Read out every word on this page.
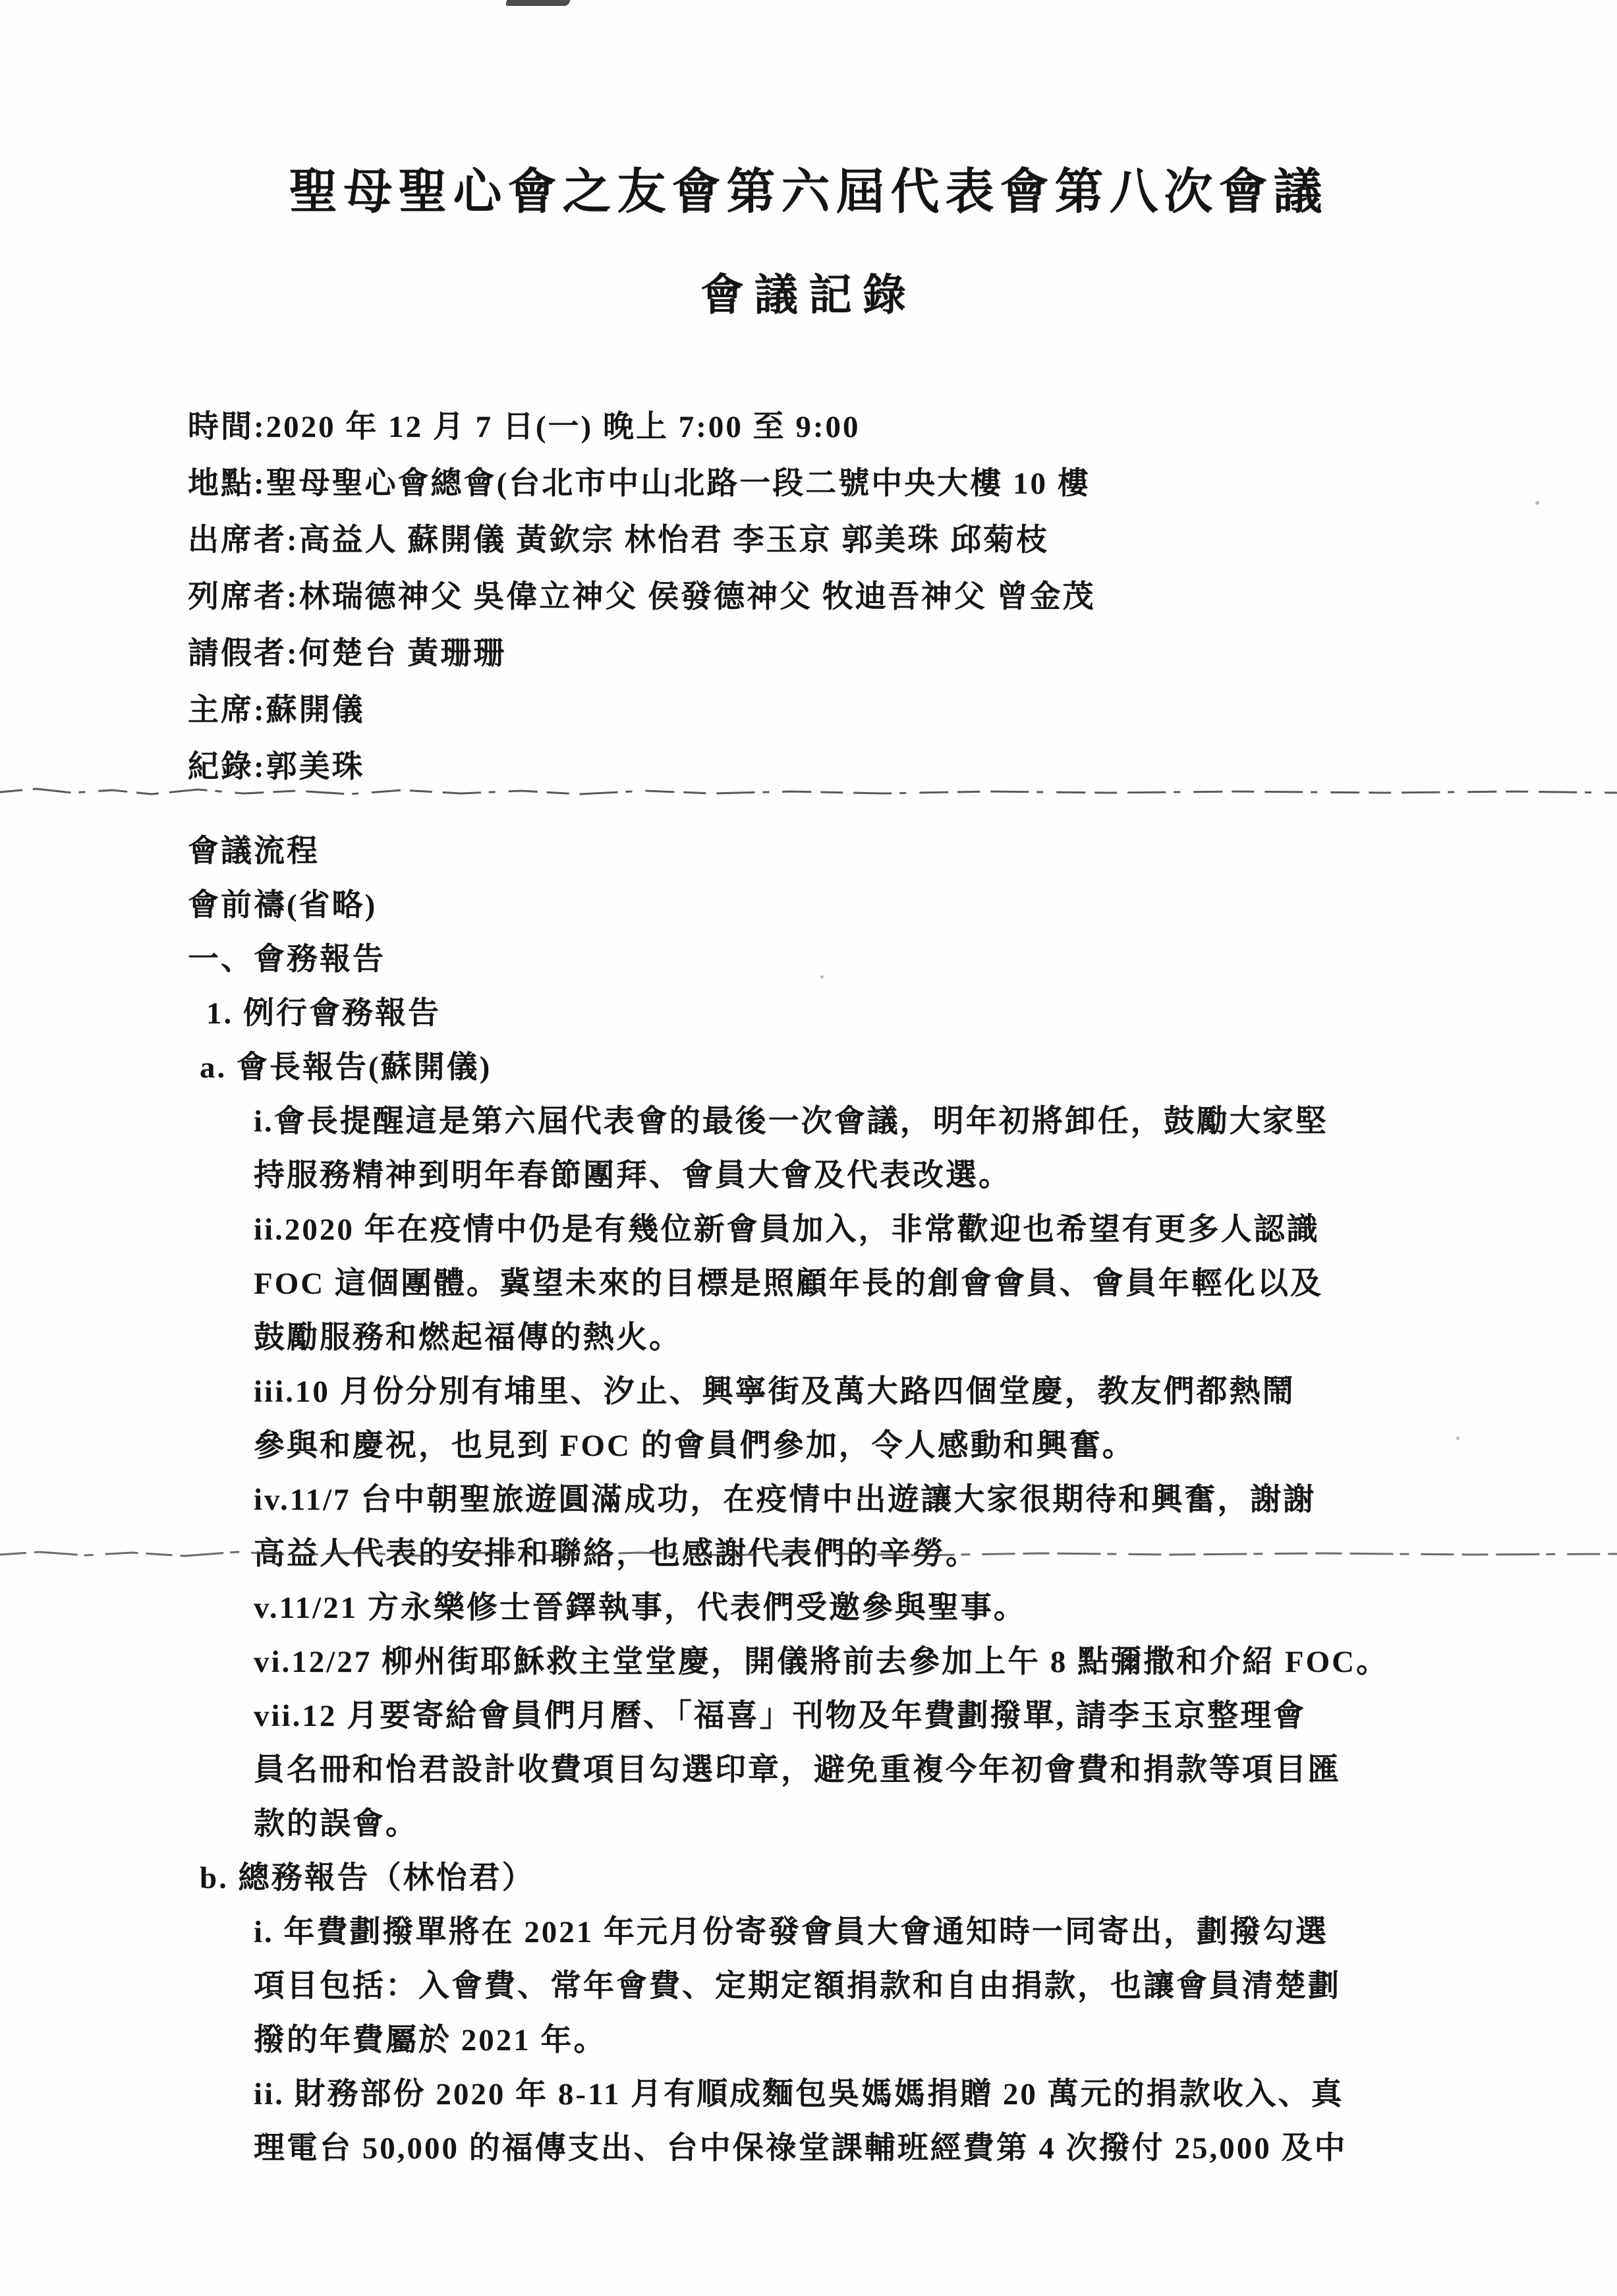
聖母聖心會之友會第六屆代表會第八次會議
會議記錄
時間:2020 年 12 月 7 日(一) 晚上 7:00 至 9:00
地點:聖母聖心會總會(台北市中山北路一段二號中央大樓 10 樓
出席者:高益人 蘇開儀 黃欽宗 林怡君 李玉京 郭美珠 邱菊枝
列席者:林瑞德神父 吳偉立神父 侯發德神父 牧迪吾神父 曾金茂
請假者:何楚台 黃珊珊
主席:蘇開儀
紀錄:郭美珠
會議流程
會前禱(省略)
一、會務報告
1. 例行會務報告
a. 會長報告(蘇開儀)
i.會長提醒這是第六屆代表會的最後一次會議，明年初將卸任，鼓勵大家堅
持服務精神到明年春節團拜、會員大會及代表改選。
ii.2020 年在疫情中仍是有幾位新會員加入，非常歡迎也希望有更多人認識
FOC 這個團體。冀望未來的目標是照顧年長的創會會員、會員年輕化以及
鼓勵服務和燃起福傳的熱火。
iii.10 月份分別有埔里、汐止、興寧街及萬大路四個堂慶，教友們都熱鬧
參與和慶祝，也見到 FOC 的會員們參加，令人感動和興奮。
iv.11/7 台中朝聖旅遊圓滿成功，在疫情中出遊讓大家很期待和興奮，謝謝
高益人代表的安排和聯絡，也感謝代表們的辛勞。
v.11/21 方永樂修士晉鐸執事，代表們受邀參與聖事。
vi.12/27 柳州街耶穌救主堂堂慶，開儀將前去參加上午 8 點彌撒和介紹 FOC。
vii.12 月要寄給會員們月曆、「福喜」刊物及年費劃撥單, 請李玉京整理會
員名冊和怡君設計收費項目勾選印章，避免重複今年初會費和捐款等項目匯
款的誤會。
b. 總務報告（林怡君）
i. 年費劃撥單將在 2021 年元月份寄發會員大會通知時一同寄出，劃撥勾選
項目包括：入會費、常年會費、定期定額捐款和自由捐款，也讓會員清楚劃
撥的年費屬於 2021 年。
ii. 財務部份 2020 年 8-11 月有順成麵包吳媽媽捐贈 20 萬元的捐款收入、真
理電台 50,000 的福傳支出、台中保祿堂課輔班經費第 4 次撥付 25,000 及中
